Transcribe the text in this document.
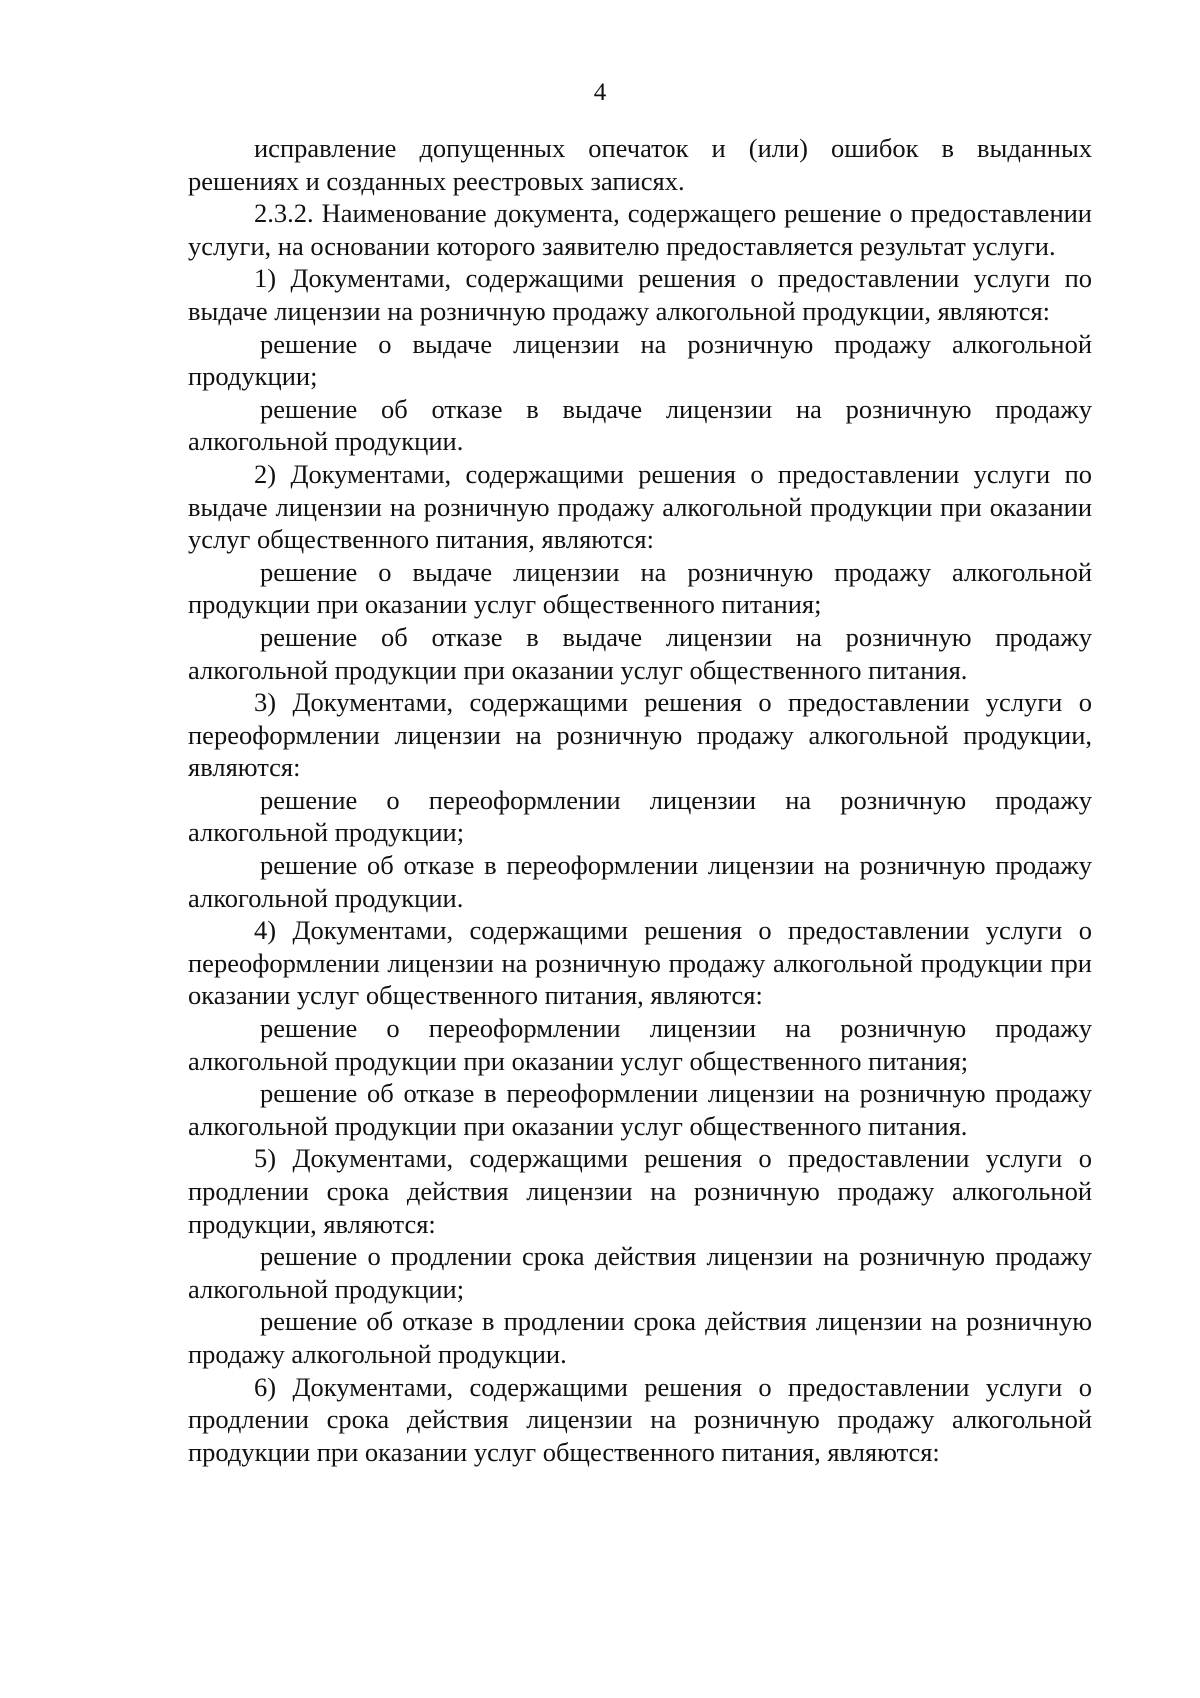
4

исправление допущенных опечаток и (или) ошибок в выданных решениях и созданных реестровых записях.

2.3.2. Наименование документа, содержащего решение о предоставлении услуги, на основании которого заявителю предоставляется результат услуги.

1) Документами, содержащими решения о предоставлении услуги по выдаче лицензии на розничную продажу алкогольной продукции, являются:

решение о выдаче лицензии на розничную продажу алкогольной продукции;

решение об отказе в выдаче лицензии на розничную продажу алкогольной продукции.

2) Документами, содержащими решения о предоставлении услуги по выдаче лицензии на розничную продажу алкогольной продукции при оказании услуг общественного питания, являются:

решение о выдаче лицензии на розничную продажу алкогольной продукции при оказании услуг общественного питания;

решение об отказе в выдаче лицензии на розничную продажу алкогольной продукции при оказании услуг общественного питания.

3) Документами, содержащими решения о предоставлении услуги о переоформлении лицензии на розничную продажу алкогольной продукции, являются:

решение о переоформлении лицензии на розничную продажу алкогольной продукции;

решение об отказе в переоформлении лицензии на розничную продажу алкогольной продукции.

4) Документами, содержащими решения о предоставлении услуги о переоформлении лицензии на розничную продажу алкогольной продукции при оказании услуг общественного питания, являются:

решение о переоформлении лицензии на розничную продажу алкогольной продукции при оказании услуг общественного питания;

решение об отказе в переоформлении лицензии на розничную продажу алкогольной продукции при оказании услуг общественного питания.

5) Документами, содержащими решения о предоставлении услуги о продлении срока действия лицензии на розничную продажу алкогольной продукции, являются:

решение о продлении срока действия лицензии на розничную продажу алкогольной продукции;

решение об отказе в продлении срока действия лицензии на розничную продажу алкогольной продукции.

6) Документами, содержащими решения о предоставлении услуги о продлении срока действия лицензии на розничную продажу алкогольной продукции при оказании услуг общественного питания, являются:
